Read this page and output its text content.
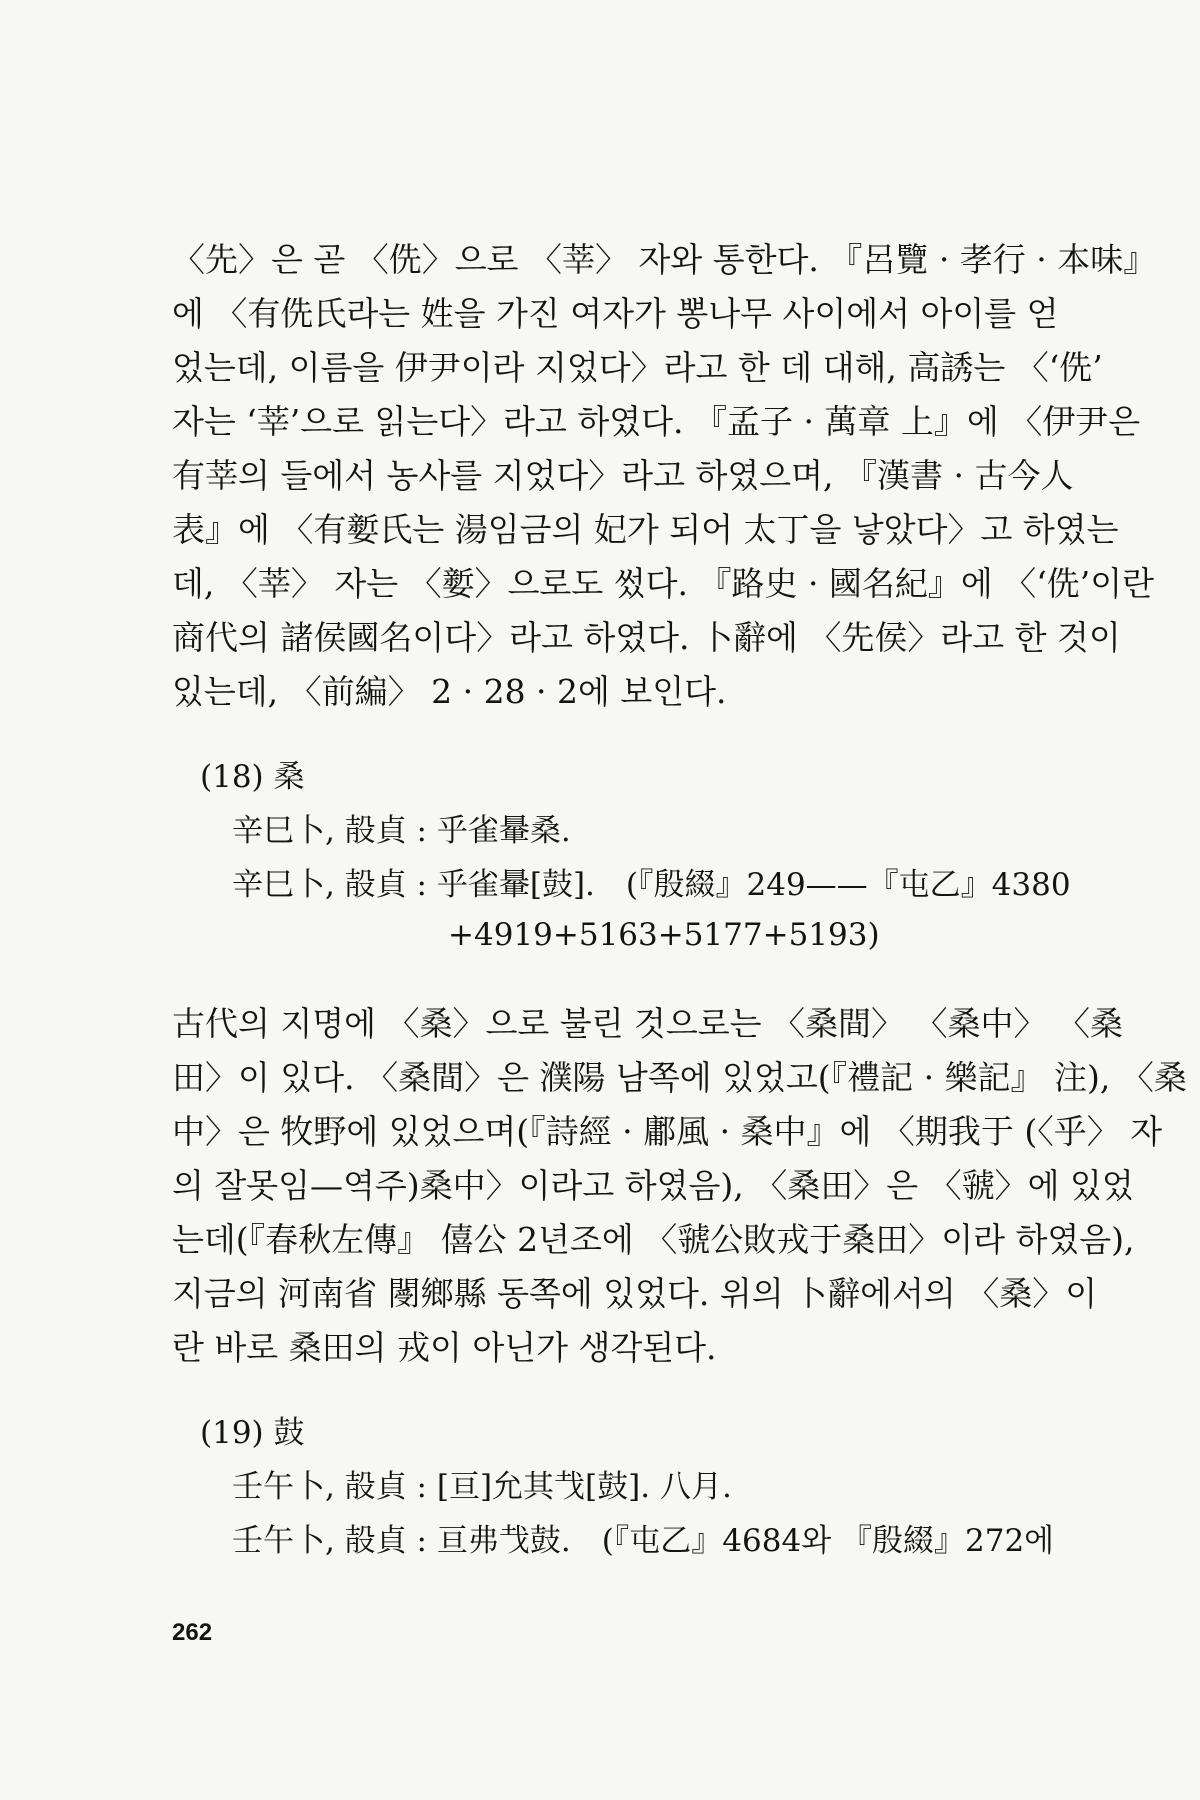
〈先〉은 곧 〈侁〉으로 〈莘〉 자와 통한다. 『呂覽 · 孝行 · 本味』
에 〈有侁氏라는 姓을 가진 여자가 뽕나무 사이에서 아이를 얻
었는데, 이름을 伊尹이라 지었다〉라고 한 데 대해, 高誘는 〈‘侁’
자는 ‘莘’으로 읽는다〉라고 하였다. 『孟子 · 萬章 上』에 〈伊尹은
有莘의 들에서 농사를 지었다〉라고 하였으며, 『漢書 · 古今人
表』에 〈有㜪氏는 湯임금의 妃가 되어 太丁을 낳았다〉고 하였는
데, 〈莘〉 자는 〈㜪〉으로도 썼다. 『路史 · 國名紀』에 〈‘侁’이란
商代의 諸侯國名이다〉라고 하였다. 卜辭에 〈先侯〉라고 한 것이
있는데, 〈前編〉 2 · 28 · 2에 보인다.
(18) 桑
辛巳卜, 㱿貞 : 乎雀䡞桑.
辛巳卜, 㱿貞 : 乎雀䡞[鼓].　(『殷綴』249——『屯乙』4380
+4919+5163+5177+5193)
古代의 지명에 〈桑〉으로 불린 것으로는 〈桑間〉 〈桑中〉 〈桑
田〉이 있다. 〈桑間〉은 濮陽 남쪽에 있었고(『禮記 · 樂記』 注), 〈桑
中〉은 牧野에 있었으며(『詩經 · 鄘風 · 桑中』에 〈期我于 (〈乎〉 자
의 잘못임—역주)桑中〉이라고 하였음), 〈桑田〉은 〈虢〉에 있었
는데(『春秋左傳』 僖公 2년조에 〈虢公敗戎于桑田〉이라 하였음),
지금의 河南省 閿鄉縣 동쪽에 있었다. 위의 卜辭에서의 〈桑〉이
란 바로 桑田의 戎이 아닌가 생각된다.
(19) 鼓
壬午卜, 㱿貞 : [亘]允其𢦏[鼓]. 八月.
壬午卜, 㱿貞 : 亘弗𢦏鼓.　(『屯乙』4684와 『殷綴』272에
262
